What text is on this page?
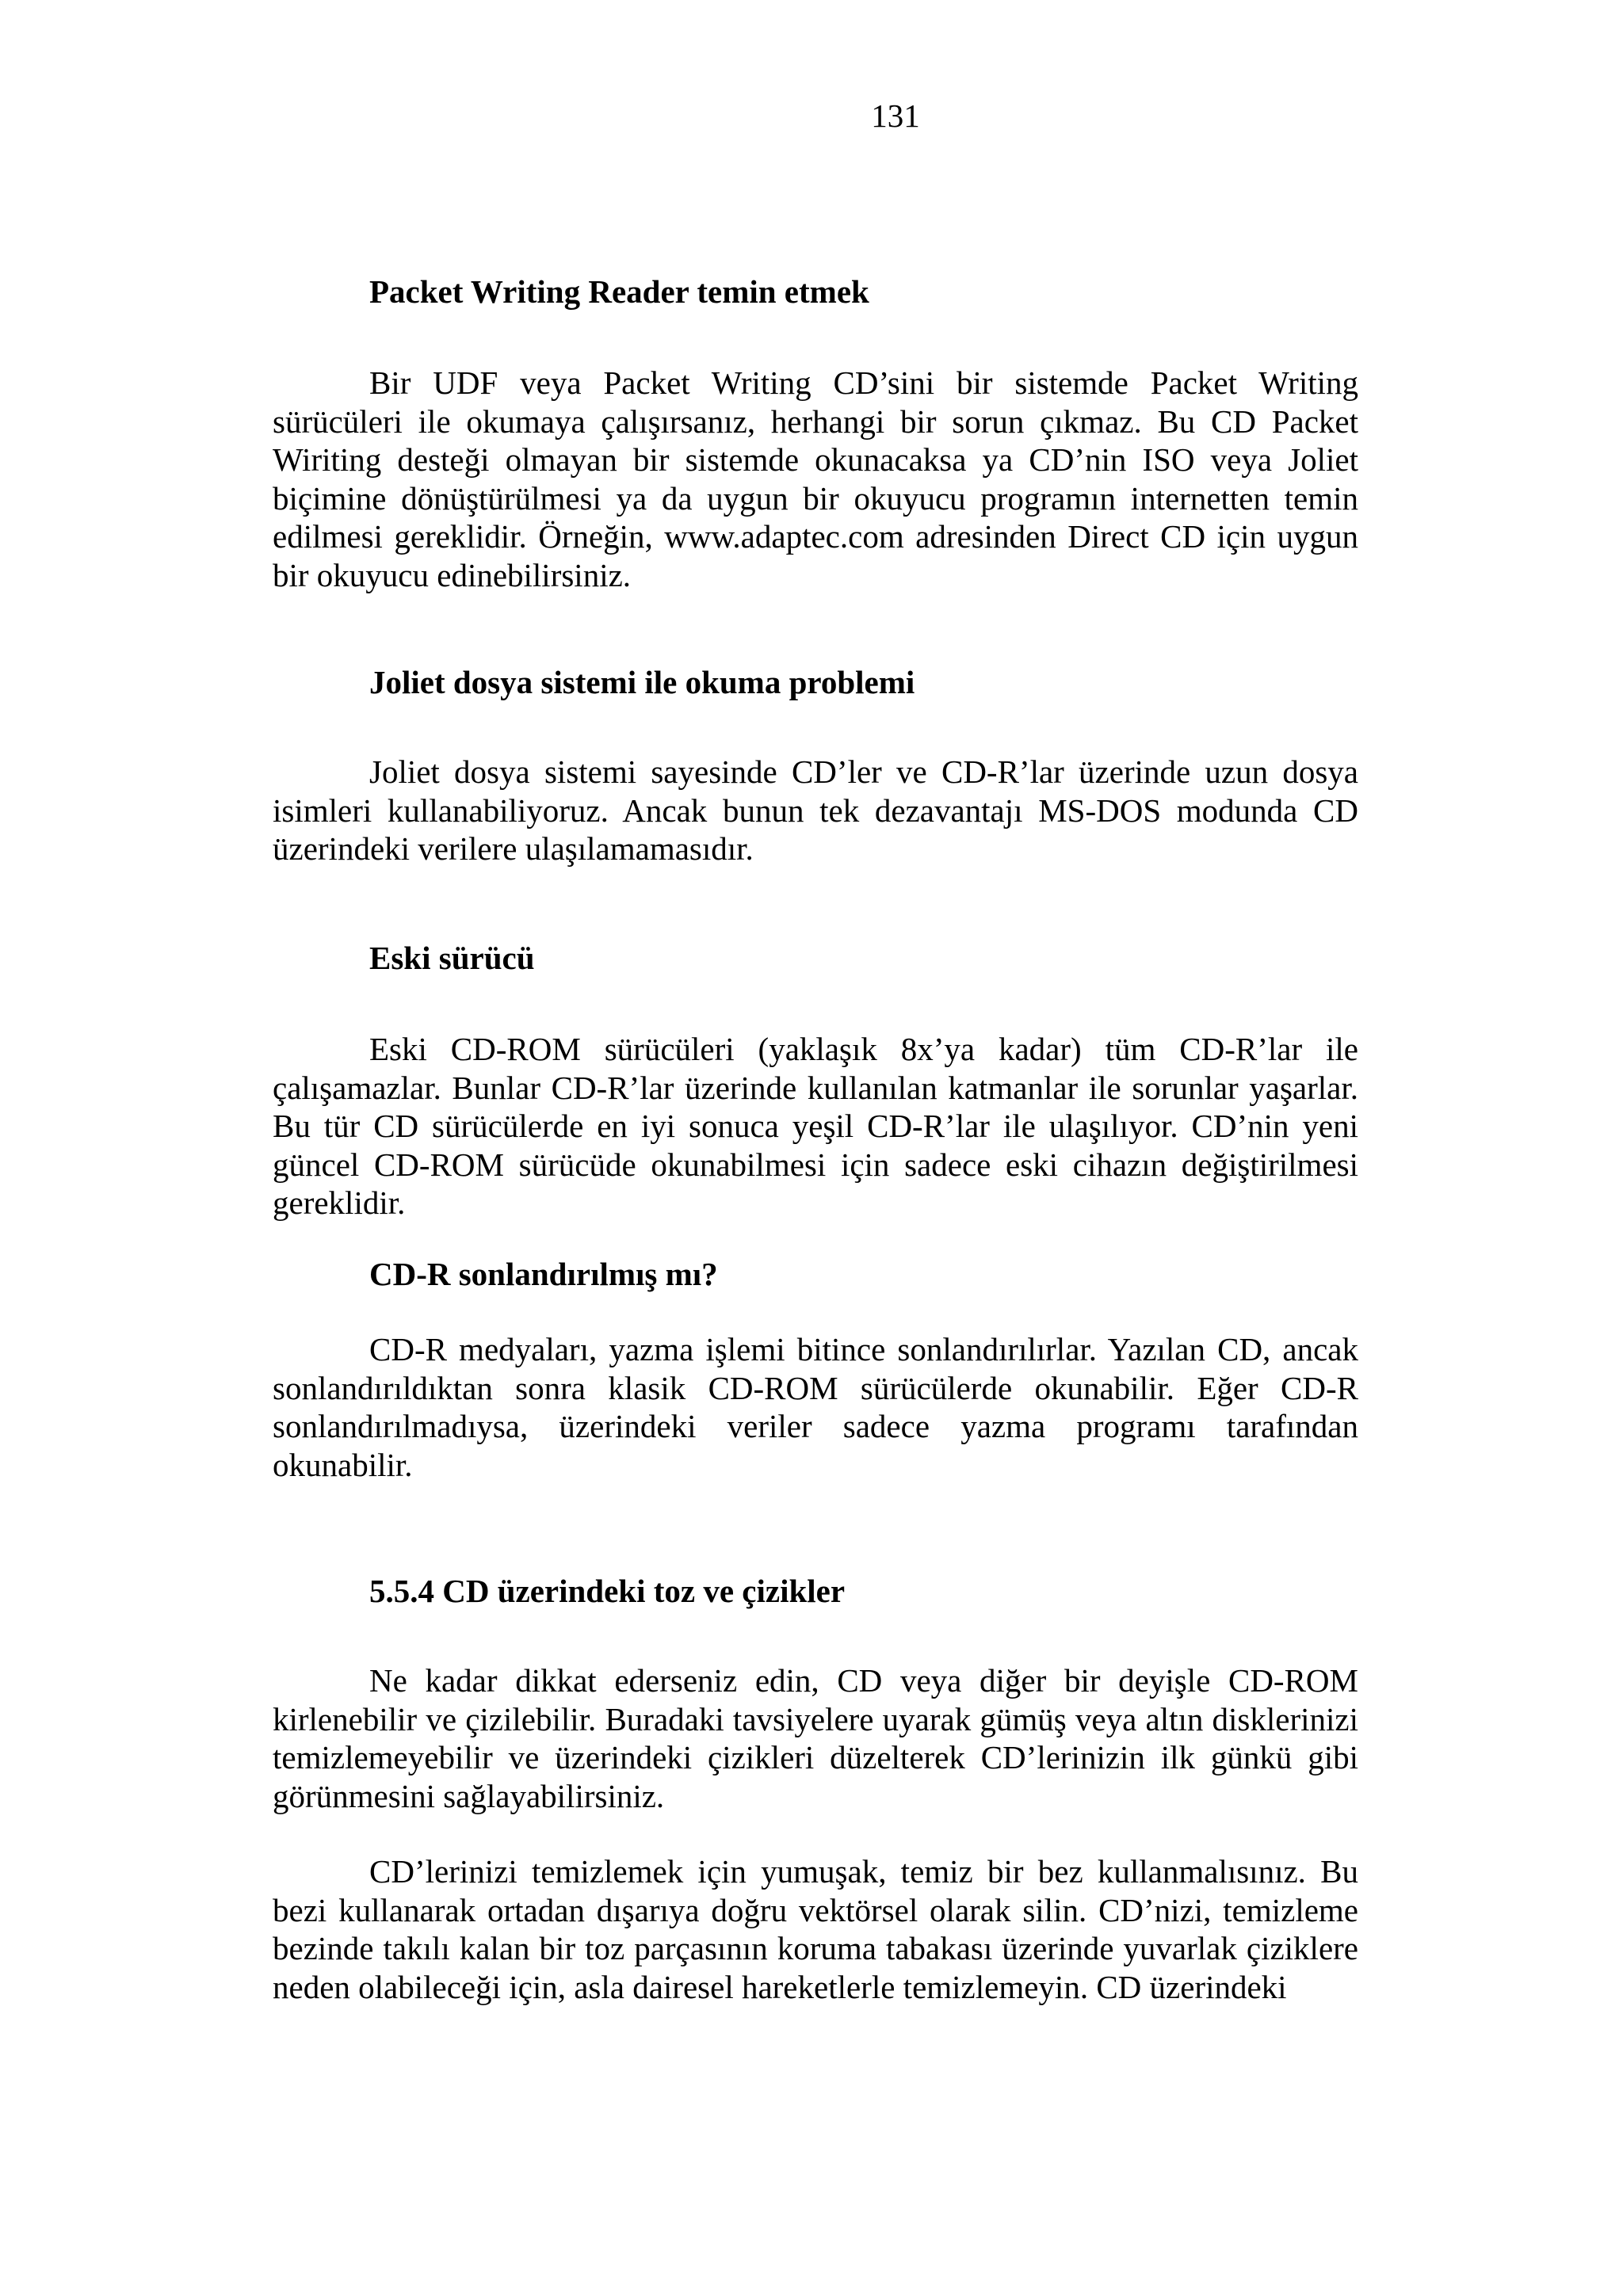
131
Packet Writing Reader temin etmek

Bir UDF veya Packet Writing CD’sini bir sistemde Packet Writing sürücüleri ile okumaya çalışırsanız, herhangi bir sorun çıkmaz. Bu CD Packet Wiriting desteği olmayan bir sistemde okunacaksa ya CD’nin ISO veya Joliet biçimine dönüştürülmesi ya da uygun bir okuyucu programın internetten temin edilmesi gereklidir. Örneğin, www.adaptec.com adresinden Direct CD için uygun bir okuyucu edinebilirsiniz.

Joliet dosya sistemi ile okuma problemi

Joliet dosya sistemi sayesinde CD’ler ve CD-R’lar üzerinde uzun dosya isimleri kullanabiliyoruz. Ancak bunun tek dezavantajı MS-DOS modunda CD üzerindeki verilere ulaşılamamasıdır.

Eski sürücü

Eski CD-ROM sürücüleri (yaklaşık 8x’ya kadar) tüm CD-R’lar ile çalışamazlar. Bunlar CD-R’lar üzerinde kullanılan katmanlar ile sorunlar yaşarlar. Bu tür CD sürücülerde en iyi sonuca yeşil CD-R’lar ile ulaşılıyor. CD’nin yeni güncel CD-ROM sürücüde okunabilmesi için sadece eski cihazın değiştirilmesi gereklidir.

CD-R sonlandırılmış mı?

CD-R medyaları, yazma işlemi bitince sonlandırılırlar. Yazılan CD, ancak sonlandırıldıktan sonra klasik CD-ROM sürücülerde okunabilir. Eğer CD-R sonlandırılmadıysa, üzerindeki veriler sadece yazma programı tarafından okunabilir.

5.5.4 CD üzerindeki toz ve çizikler

Ne kadar dikkat ederseniz edin, CD veya diğer bir deyişle CD-ROM kirlenebilir ve çizilebilir. Buradaki tavsiyelere uyarak gümüş veya altın disklerinizi temizlemeyebilir ve üzerindeki çizikleri düzelterek CD’lerinizin ilk günkü gibi görünmesini sağlayabilirsiniz.

CD’lerinizi temizlemek için yumuşak, temiz bir bez kullanmalısınız. Bu bezi kullanarak ortadan dışarıya doğru vektörsel olarak silin. CD’nizi, temizleme bezinde takılı kalan bir toz parçasının koruma tabakası üzerinde yuvarlak çiziklere neden olabileceği için, asla dairesel hareketlerle temizlemeyin. CD üzerindeki
